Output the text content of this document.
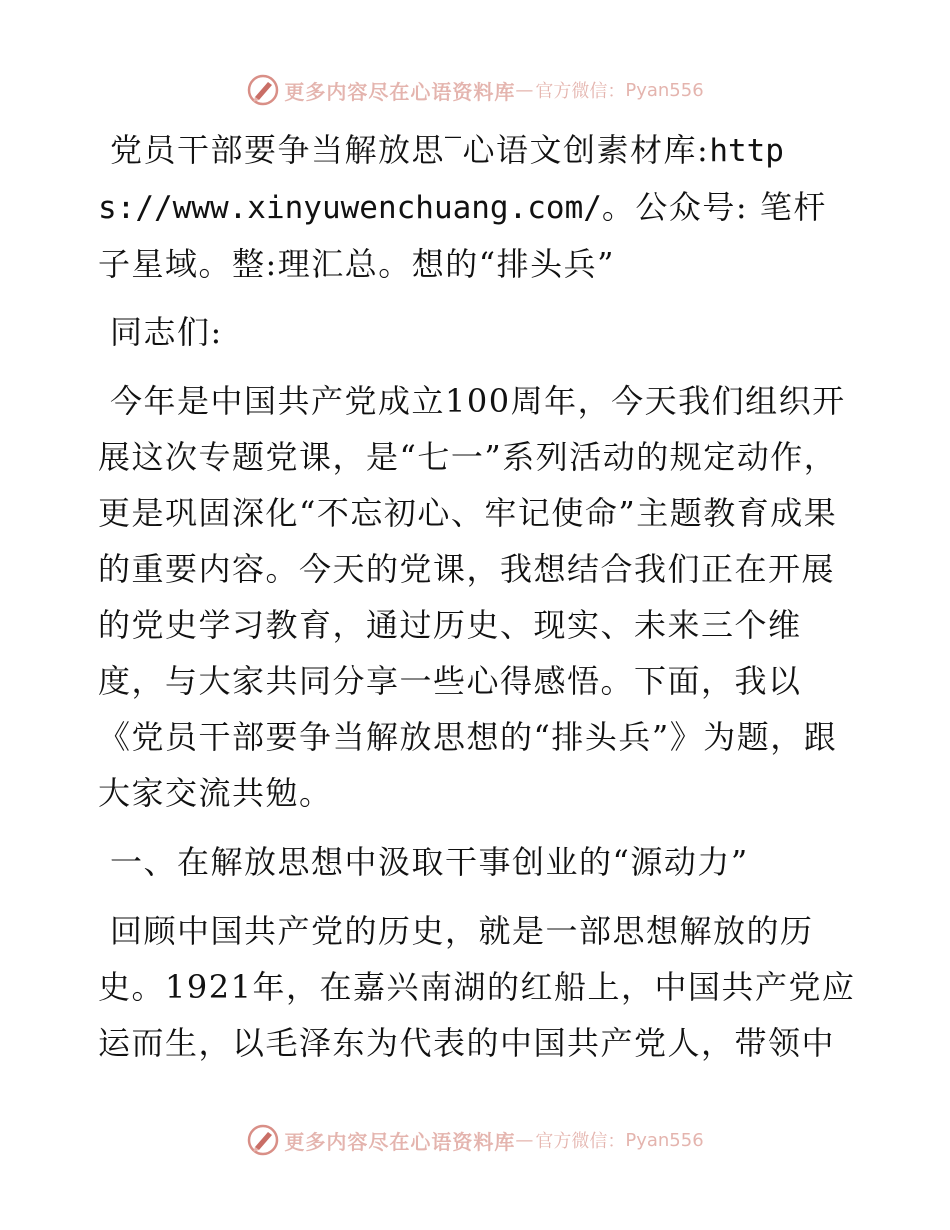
更多内容尽在心语资料库 — 官方微信： Pyan556

党员干部要争当解放思‾心语文创素材库:https://www.xinyuwenchuang.com/。公众号: 笔杆子星域。整:理汇总。想的“排头兵”

同志们:

今年是中国共产党成立100周年，今天我们组织开展这次专题党课，是“七一”系列活动的规定动作，更是巩固深化“不忘初心、牢记使命”主题教育成果的重要内容。今天的党课，我想结合我们正在开展的党史学习教育，通过历史、现实、未来三个维度，与大家共同分享一些心得感悟。下面，我以《党员干部要争当解放思想的“排头兵”》为题，跟大家交流共勉。

一、在解放思想中汲取干事创业的“源动力”

回顾中国共产党的历史，就是一部思想解放的历史。1921年，在嘉兴南湖的红船上，中国共产党应运而生，以毛泽东为代表的中国共产党人，带领中

更多内容尽在心语资料库 — 官方微信： Pyan556
